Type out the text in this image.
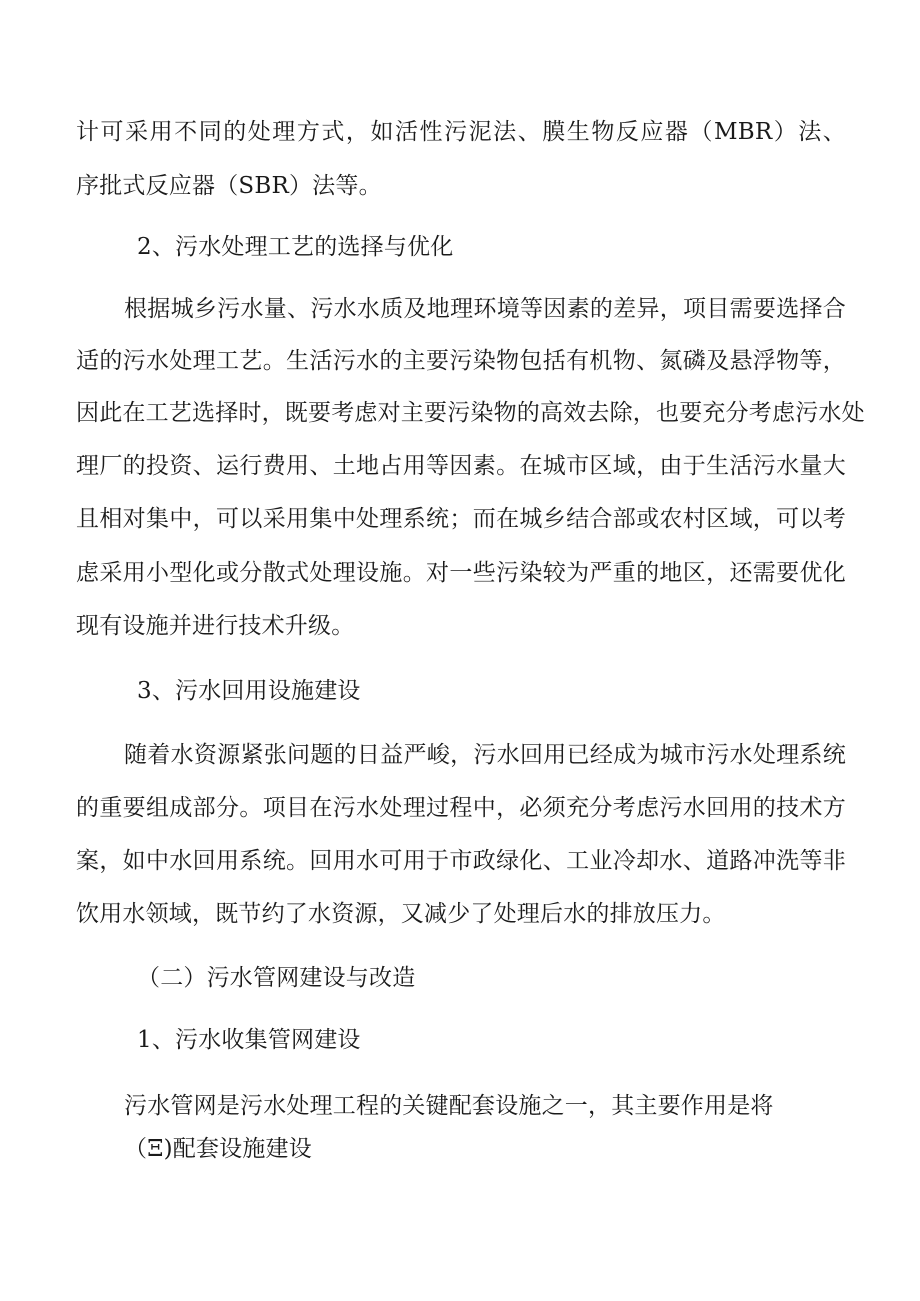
计可采用不同的处理方式，如活性污泥法、膜生物反应器（MBR）法、
序批式反应器（SBR）法等。
2、污水处理工艺的选择与优化
根据城乡污水量、污水水质及地理环境等因素的差异，项目需要选择合
适的污水处理工艺。生活污水的主要污染物包括有机物、氮磷及悬浮物等，
因此在工艺选择时，既要考虑对主要污染物的高效去除，也要充分考虑污水处
理厂的投资、运行费用、土地占用等因素。在城市区域，由于生活污水量大
且相对集中，可以采用集中处理系统；而在城乡结合部或农村区域，可以考
虑采用小型化或分散式处理设施。对一些污染较为严重的地区，还需要优化
现有设施并进行技术升级。
3、污水回用设施建设
随着水资源紧张问题的日益严峻，污水回用已经成为城市污水处理系统
的重要组成部分。项目在污水处理过程中，必须充分考虑污水回用的技术方
案，如中水回用系统。回用水可用于市政绿化、工业冷却水、道路冲洗等非
饮用水领域，既节约了水资源，又减少了处理后水的排放压力。
（二）污水管网建设与改造
1、污水收集管网建设
污水管网是污水处理工程的关键配套设施之一，其主要作用是将
（Ξ)配套设施建设
